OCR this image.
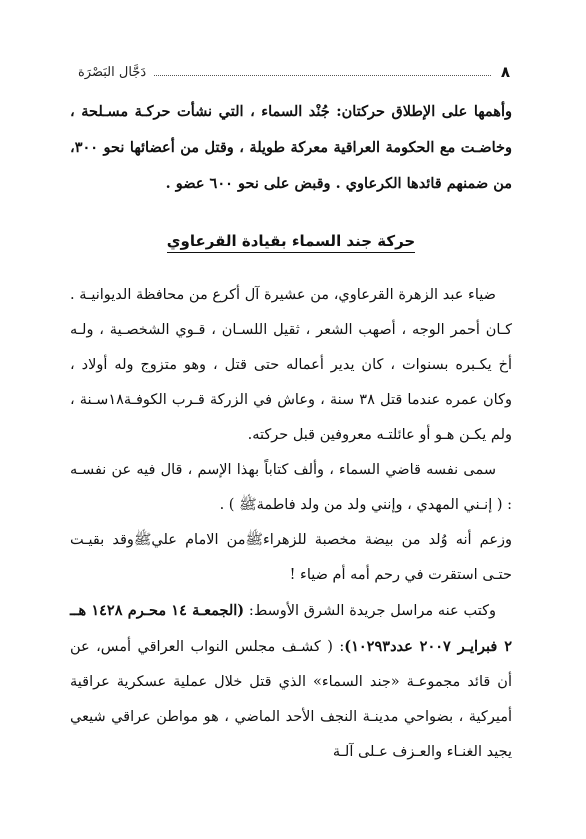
٨
دَجَّال البَصْرَة
وأهمها على الإطلاق حركتان: جُنْد السماء ، التي نشأت حركـة مسـلحة ، وخاضـت مع الحكومة العراقية معركة طويلة ، وقتل من أعضائها نحو ٣٠٠، من ضمنهم قائدها الكرعاوي . وقبض على نحو ٦٠٠ عضو .
حركة جند السماء بقيادة القرعاوي

ضياء عبد الزهرة القرعاوي، من عشيرة آل أكرع من محافظة الديوانيـة . كـان أحمر الوجه ، أصهب الشعر ، ثقيل اللسـان ، قـوي الشخصـية ، ولـه أخ يكـبره بسنوات ، كان يدير أعماله حتى قتل ، وهو متزوج وله أولاد ، وكان عمره عندما قتل ٣٨ سنة ، وعاش في الزركة قـرب الكوفـة١٨سـنة ، ولم يكـن هـو أو عائلتـه معروفين قبل حركته.

سمى نفسه قاضي السماء ، وألف كتاباً بهذا الإسم ، قال فيه عن نفسـه : ( إنـني المهدي ، وإنني ولد من ولد فاطمةﷺ ) .

وزعم أنه وُلد من بيضة مخصبة للزهراءﷺمن الامام عليﷺوقد بقيـت حتـى استقرت في رحم أمه أم ضياء !

وكتب عنه مراسل جريدة الشرق الأوسط: (الجمعـة ١٤ محـرم ١٤٢٨ هــ ٢ فبرايـر ٢٠٠٧ عدد١٠٢٩٣): ( كشـف مجلس النواب العراقي أمس، عن أن قائد مجموعـة «جند السماء» الذي قتل خلال عملية عسكرية عراقية أميركية ، بضواحي مدينـة النجف الأحد الماضي ، هو مواطن عراقي شيعي يجيد الغنـاء والعـزف عـلى آلـة
